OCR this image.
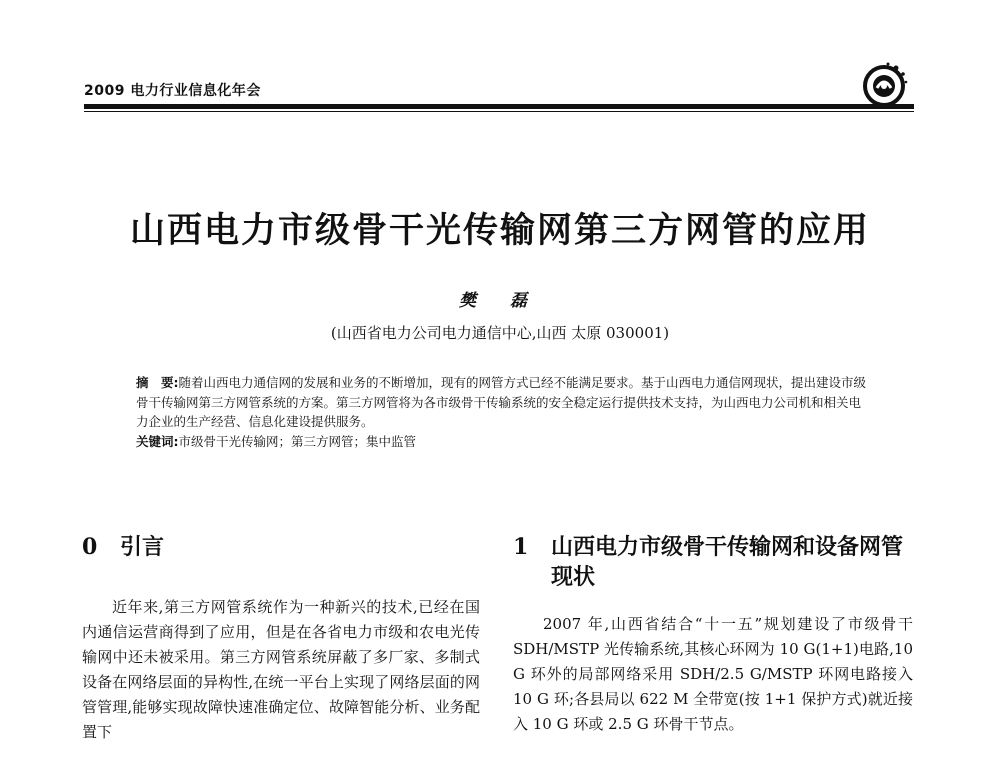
2009 电力行业信息化年会
山西电力市级骨干光传输网第三方网管的应用
樊 磊
(山西省电力公司电力通信中心,山西 太原 030001)
摘　要:随着山西电力通信网的发展和业务的不断增加，现有的网管方式已经不能满足要求。基于山西电力通信网现状，提出建设市级骨干传输网第三方网管系统的方案。第三方网管将为各市级骨干传输系统的安全稳定运行提供技术支持，为山西电力公司机和相关电力企业的生产经营、信息化建设提供服务。
关键词:市级骨干光传输网；第三方网管；集中监管
0 引言

近年来,第三方网管系统作为一种新兴的技术,已经在国内通信运营商得到了应用，但是在各省电力市级和农电光传输网中还未被采用。第三方网管系统屏蔽了多厂家、多制式设备在网络层面的异构性,在统一平台上实现了网络层面的网管管理,能够实现故障快速准确定位、故障智能分析、业务配置下

1	山西电力市级骨干传输网和设备网管现状

2007 年,山西省结合“十一五”规划建设了市级骨干 SDH/MSTP 光传输系统,其核心环网为 10 G(1+1)电路,10 G 环外的局部网络采用 SDH/2.5 G/MSTP 环网电路接入 10 G 环;各县局以 622 M 全带宽(按 1+1 保护方式)就近接入 10 G 环或 2.5 G 环骨干节点。
